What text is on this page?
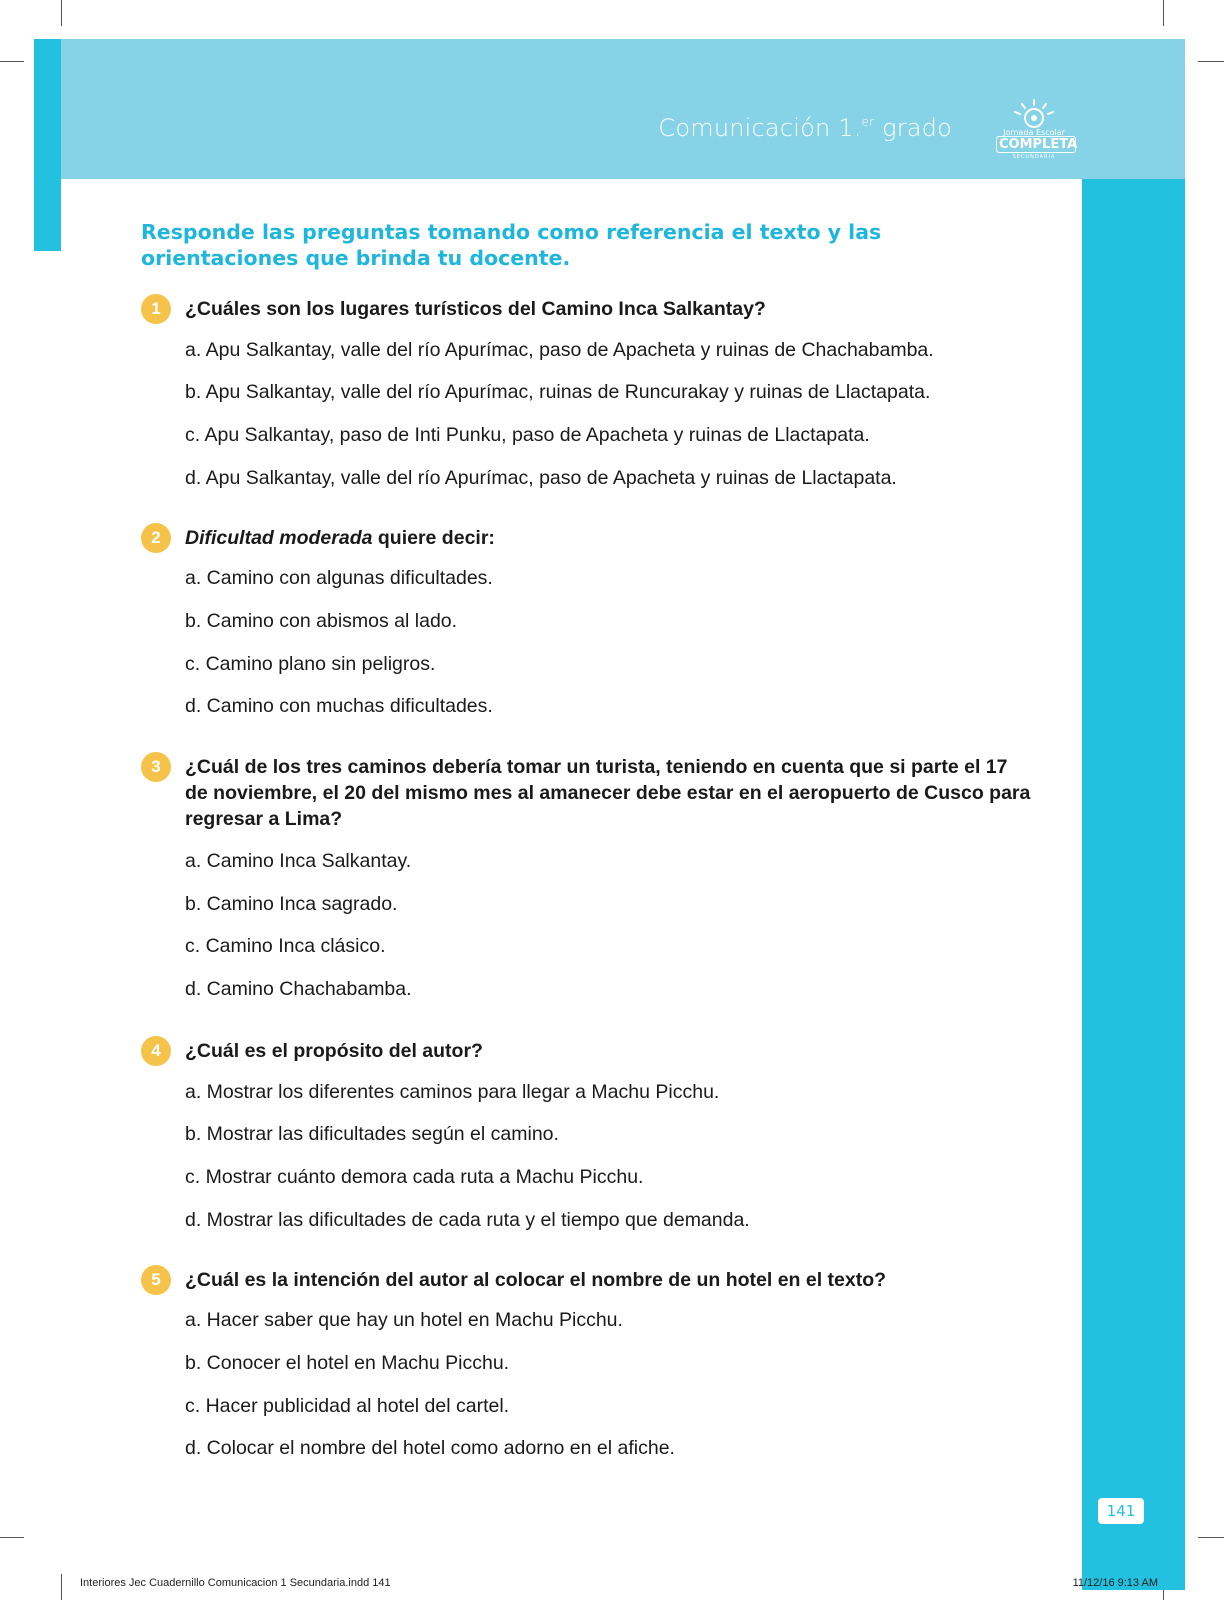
Comunicación 1.$^{er}$ grado	Jornada Escolar
COMPLETA
SECUNDARIA
Responde las preguntas tomando como referencia el texto y las orientaciones que brinda tu docente.
1	¿Cuáles son los lugares turísticos del Camino Inca Salkantay?
a. Apu Salkantay, valle del río Apurímac, paso de Apacheta y ruinas de Chachabamba.
b. Apu Salkantay, valle del río Apurímac, ruinas de Runcurakay y ruinas de Llactapata.
c. Apu Salkantay, paso de Inti Punku, paso de Apacheta y ruinas de Llactapata.
d. Apu Salkantay, valle del río Apurímac, paso de Apacheta y ruinas de Llactapata.
2	Dificultad moderada quiere decir:
a. Camino con algunas dificultades.
b. Camino con abismos al lado.
c. Camino plano sin peligros.
d. Camino con muchas dificultades.
3	¿Cuál de los tres caminos debería tomar un turista, teniendo en cuenta que si parte el 17 de noviembre, el 20 del mismo mes al amanecer debe estar en el aeropuerto de Cusco para regresar a Lima?
a. Camino Inca Salkantay.
b. Camino Inca sagrado.
c. Camino Inca clásico.
d. Camino Chachabamba.
4	¿Cuál es el propósito del autor?
a. Mostrar los diferentes caminos para llegar a Machu Picchu.
b. Mostrar las dificultades según el camino.
c. Mostrar cuánto demora cada ruta a Machu Picchu.
d. Mostrar las dificultades de cada ruta y el tiempo que demanda.
5	¿Cuál es la intención del autor al colocar el nombre de un hotel en el texto?
a. Hacer saber que hay un hotel en Machu Picchu.
b. Conocer el hotel en Machu Picchu.
c. Hacer publicidad al hotel del cartel.
d. Colocar el nombre del hotel como adorno en el afiche.
141
Interiores Jec Cuadernillo Comunicacion 1 Secundaria.indd 141	11/12/16 9:13 AM
